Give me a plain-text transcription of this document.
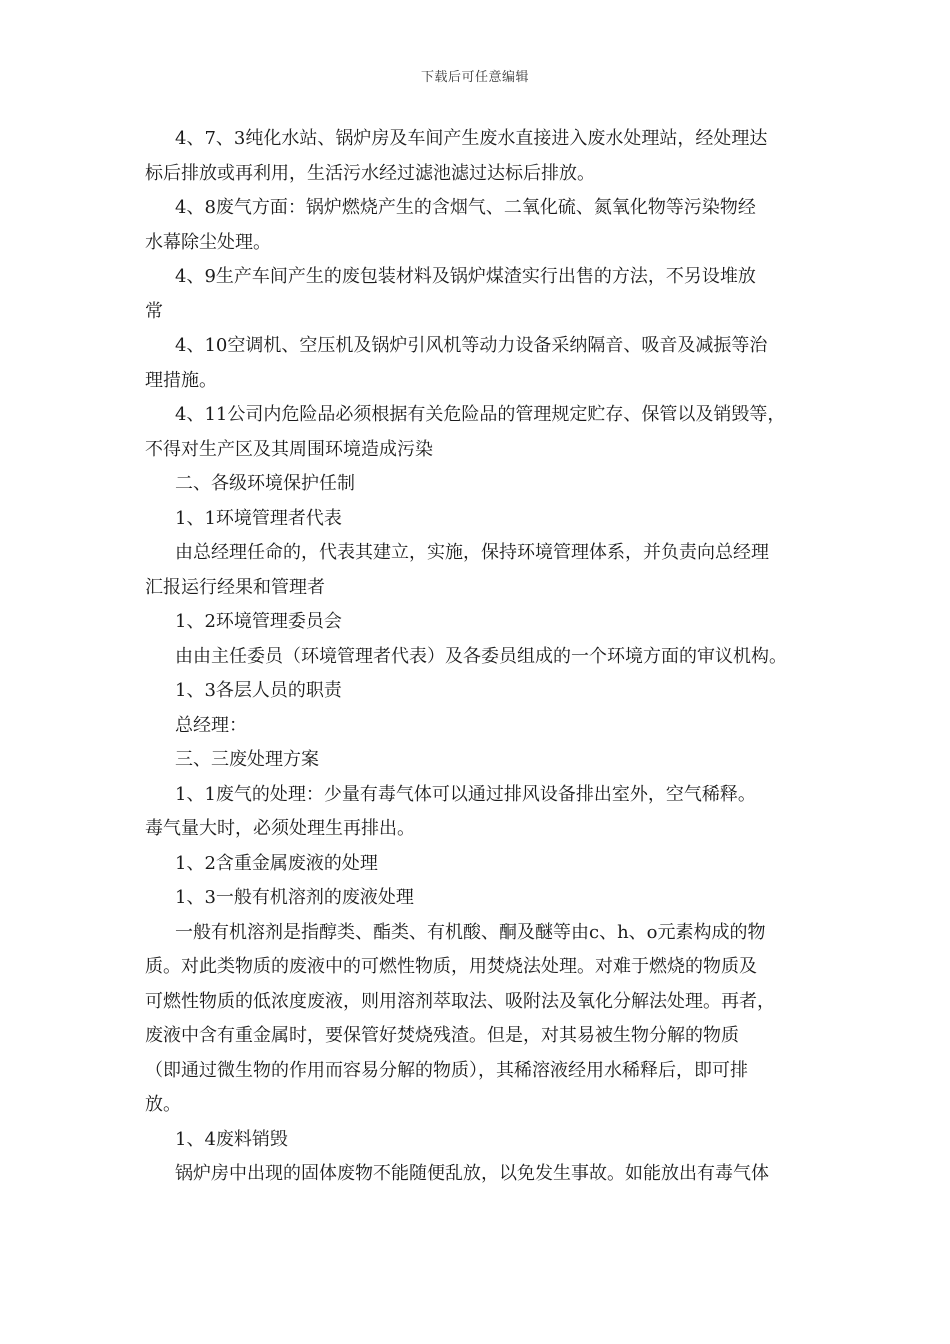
下载后可任意编辑

4、7、3纯化水站、锅炉房及车间产生废水直接进入废水处理站，经处理达

标后排放或再利用，生活污水经过滤池滤过达标后排放。

4、8废气方面：锅炉燃烧产生的含烟气、二氧化硫、氮氧化物等污染物经

水幕除尘处理。

4、9生产车间产生的废包装材料及锅炉煤渣实行出售的方法，不另设堆放

常

4、10空调机、空压机及锅炉引风机等动力设备采纳隔音、吸音及减振等治

理措施。

4、11公司内危险品必须根据有关危险品的管理规定贮存、保管以及销毁等，

不得对生产区及其周围环境造成污染

二、各级环境保护任制

1、1环境管理者代表

由总经理任命的，代表其建立，实施，保持环境管理体系，并负责向总经理

汇报运行经果和管理者

1、2环境管理委员会

由由主任委员（环境管理者代表）及各委员组成的一个环境方面的审议机构。

1、3各层人员的职责

总经理：

三、三废处理方案

1、1废气的处理：少量有毒气体可以通过排风设备排出室外，空气稀释。

毒气量大时，必须处理生再排出。

1、2含重金属废液的处理

1、3一般有机溶剂的废液处理

一般有机溶剂是指醇类、酯类、有机酸、酮及醚等由c、h、o元素构成的物

质。对此类物质的废液中的可燃性物质，用焚烧法处理。对难于燃烧的物质及

可燃性物质的低浓度废液，则用溶剂萃取法、吸附法及氧化分解法处理。再者，

废液中含有重金属时，要保管好焚烧残渣。但是，对其易被生物分解的物质

（即通过微生物的作用而容易分解的物质），其稀溶液经用水稀释后，即可排

放。

1、4废料销毁

锅炉房中出现的固体废物不能随便乱放，以免发生事故。如能放出有毒气体
